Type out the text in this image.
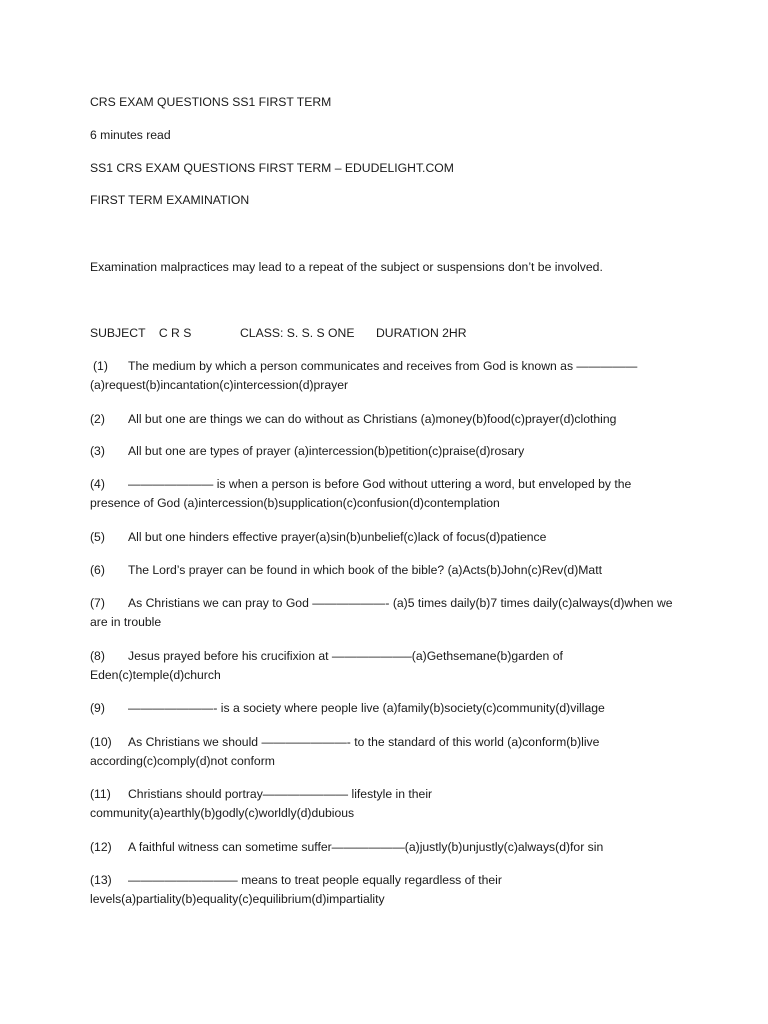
CRS EXAM QUESTIONS SS1 FIRST TERM
6 minutes read
SS1 CRS EXAM QUESTIONS FIRST TERM – EDUDELIGHT.COM
FIRST TERM EXAMINATION
Examination malpractices may lead to a repeat of the subject or suspensions don’t be involved.
SUBJECT    C R S	CLASS: S. S. S ONE DURATION 2HR
(1) The medium by which a person communicates and receives from God is known as ————— (a)request(b)incantation(c)intercession(d)prayer
(2) All but one are things we can do without as Christians (a)money(b)food(c)prayer(d)clothing
(3) All but one are types of prayer (a)intercession(b)petition(c)praise(d)rosary
(4) ——————— is when a person is before God without uttering a word, but enveloped by the presence of God (a)intercession(b)supplication(c)confusion(d)contemplation
(5) All but one hinders effective prayer(a)sin(b)unbelief(c)lack of focus(d)patience
(6) The Lord’s prayer can be found in which book of the bible? (a)Acts(b)John(c)Rev(d)Matt
(7) As Christians we can pray to God ——————- (a)5 times daily(b)7 times daily(c)always(d)when we are in trouble
(8) Jesus prayed before his crucifixion at ——————–(a)Gethsemane(b)garden of Eden(c)temple(d)church
(9) ———————- is a society where people live (a)family(b)society(c)community(d)village
(10) As Christians we should ———————- to the standard of this world (a)conform(b)live according(c)comply(d)not conform
(11) Christians should portray——————— lifestyle in their community(a)earthly(b)godly(c)worldly(d)dubious
(12) A faithful witness can sometime suffer——————(a)justly(b)unjustly(c)always(d)for sin
(13) ————————— means to treat people equally regardless of their levels(a)partiality(b)equality(c)equilibrium(d)impartiality
